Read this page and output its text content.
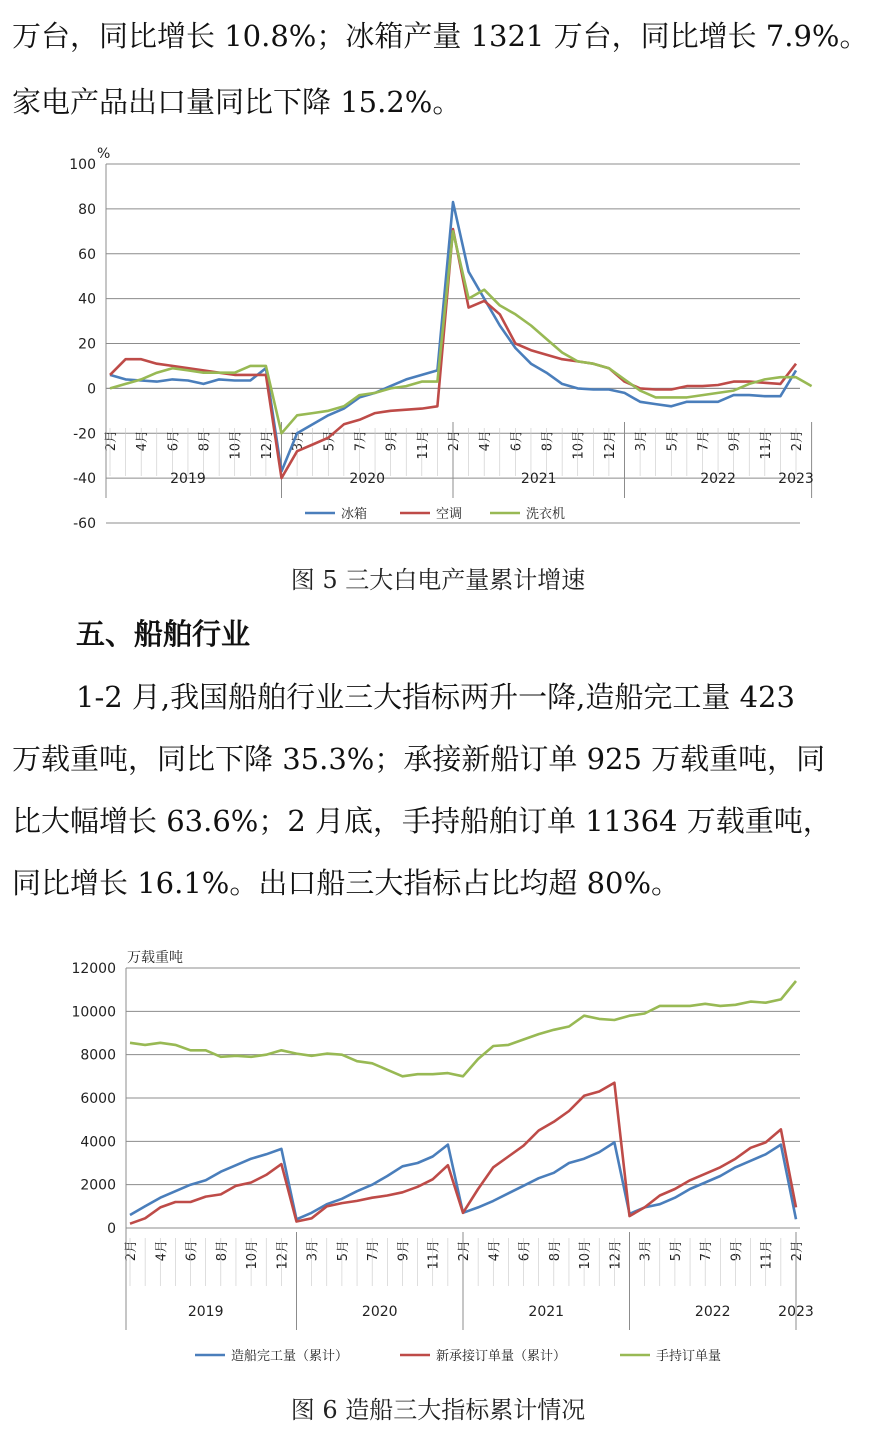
万台，同比增长 10.8%；冰箱产量 1321 万台，同比增长 7.9%。

家电产品出口量同比下降 15.2%。

100
80
60
40
20
0
-20
-40
-60
%
2月 4月 6月 8月 10月 12月 3月 5月 7月 9月 11月 2月 4月 6月 8月 10月 12月 3月 5月 7月 9月 11月 2月
2019	2020	2021	2022	2023
冰箱	空调	洗衣机

图 5 三大白电产量累计增速

五、船舶行业

1-2 月,我国船舶行业三大指标两升一降,造船完工量 423

万载重吨，同比下降 35.3%；承接新船订单 925 万载重吨，同

比大幅增长 63.6%；2 月底，手持船舶订单 11364 万载重吨，

同比增长 16.1%。出口船三大指标占比均超 80%。

12000
10000
8000
6000
4000
2000
0
万载重吨
2月 4月 6月 8月 10月 12月 3月 5月 7月 9月 11月 2月 4月 6月 8月 10月 12月 3月 5月 7月 9月 11月 2月
2019	2020	2021	2022	2023
造船完工量（累计）	新承接订单量（累计）	手持订单量

图 6 造船三大指标累计情况
